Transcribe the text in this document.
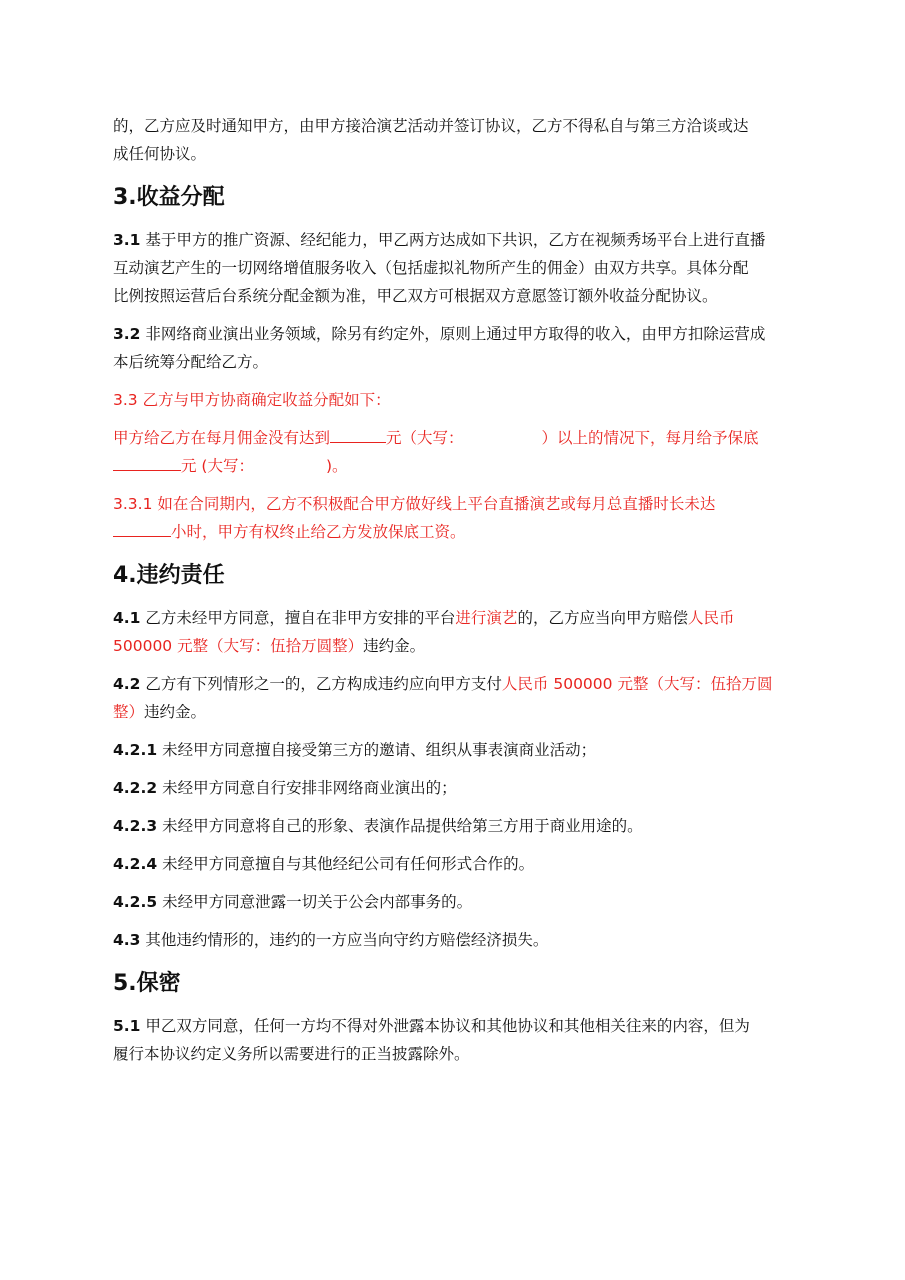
的，乙方应及时通知甲方，由甲方接洽演艺活动并签订协议，乙方不得私自与第三方洽谈或达
成任何协议。

3.收益分配

3.1 基于甲方的推广资源、经纪能力，甲乙两方达成如下共识，乙方在视频秀场平台上进行直播
互动演艺产生的一切网络增值服务收入（包括虚拟礼物所产生的佣金）由双方共享。具体分配
比例按照运营后台系统分配金额为准，甲乙双方可根据双方意愿签订额外收益分配协议。

3.2 非网络商业演出业务领域，除另有约定外，原则上通过甲方取得的收入，由甲方扣除运营成
本后统筹分配给乙方。

3.3 乙方与甲方协商确定收益分配如下：

甲方给乙方在每月佣金没有达到	元（大写：	）以上的情况下，每月给予保底
元 (大写：	)。

3.3.1 如在合同期内，乙方不积极配合甲方做好线上平台直播演艺或每月总直播时长未达
小时，甲方有权终止给乙方发放保底工资。

4.违约责任

4.1 乙方未经甲方同意，擅自在非甲方安排的平台进行演艺的，乙方应当向甲方赔偿人民币
500000 元整（大写：伍拾万圆整）违约金。

4.2 乙方有下列情形之一的，乙方构成违约应向甲方支付人民币 500000 元整（大写：伍拾万圆
整）违约金。

4.2.1 未经甲方同意擅自接受第三方的邀请、组织从事表演商业活动；

4.2.2 未经甲方同意自行安排非网络商业演出的；

4.2.3 未经甲方同意将自己的形象、表演作品提供给第三方用于商业用途的。

4.2.4 未经甲方同意擅自与其他经纪公司有任何形式合作的。

4.2.5 未经甲方同意泄露一切关于公会内部事务的。

4.3 其他违约情形的，违约的一方应当向守约方赔偿经济损失。

5.保密

5.1 甲乙双方同意，任何一方均不得对外泄露本协议和其他协议和其他相关往来的内容，但为
履行本协议约定义务所以需要进行的正当披露除外。
